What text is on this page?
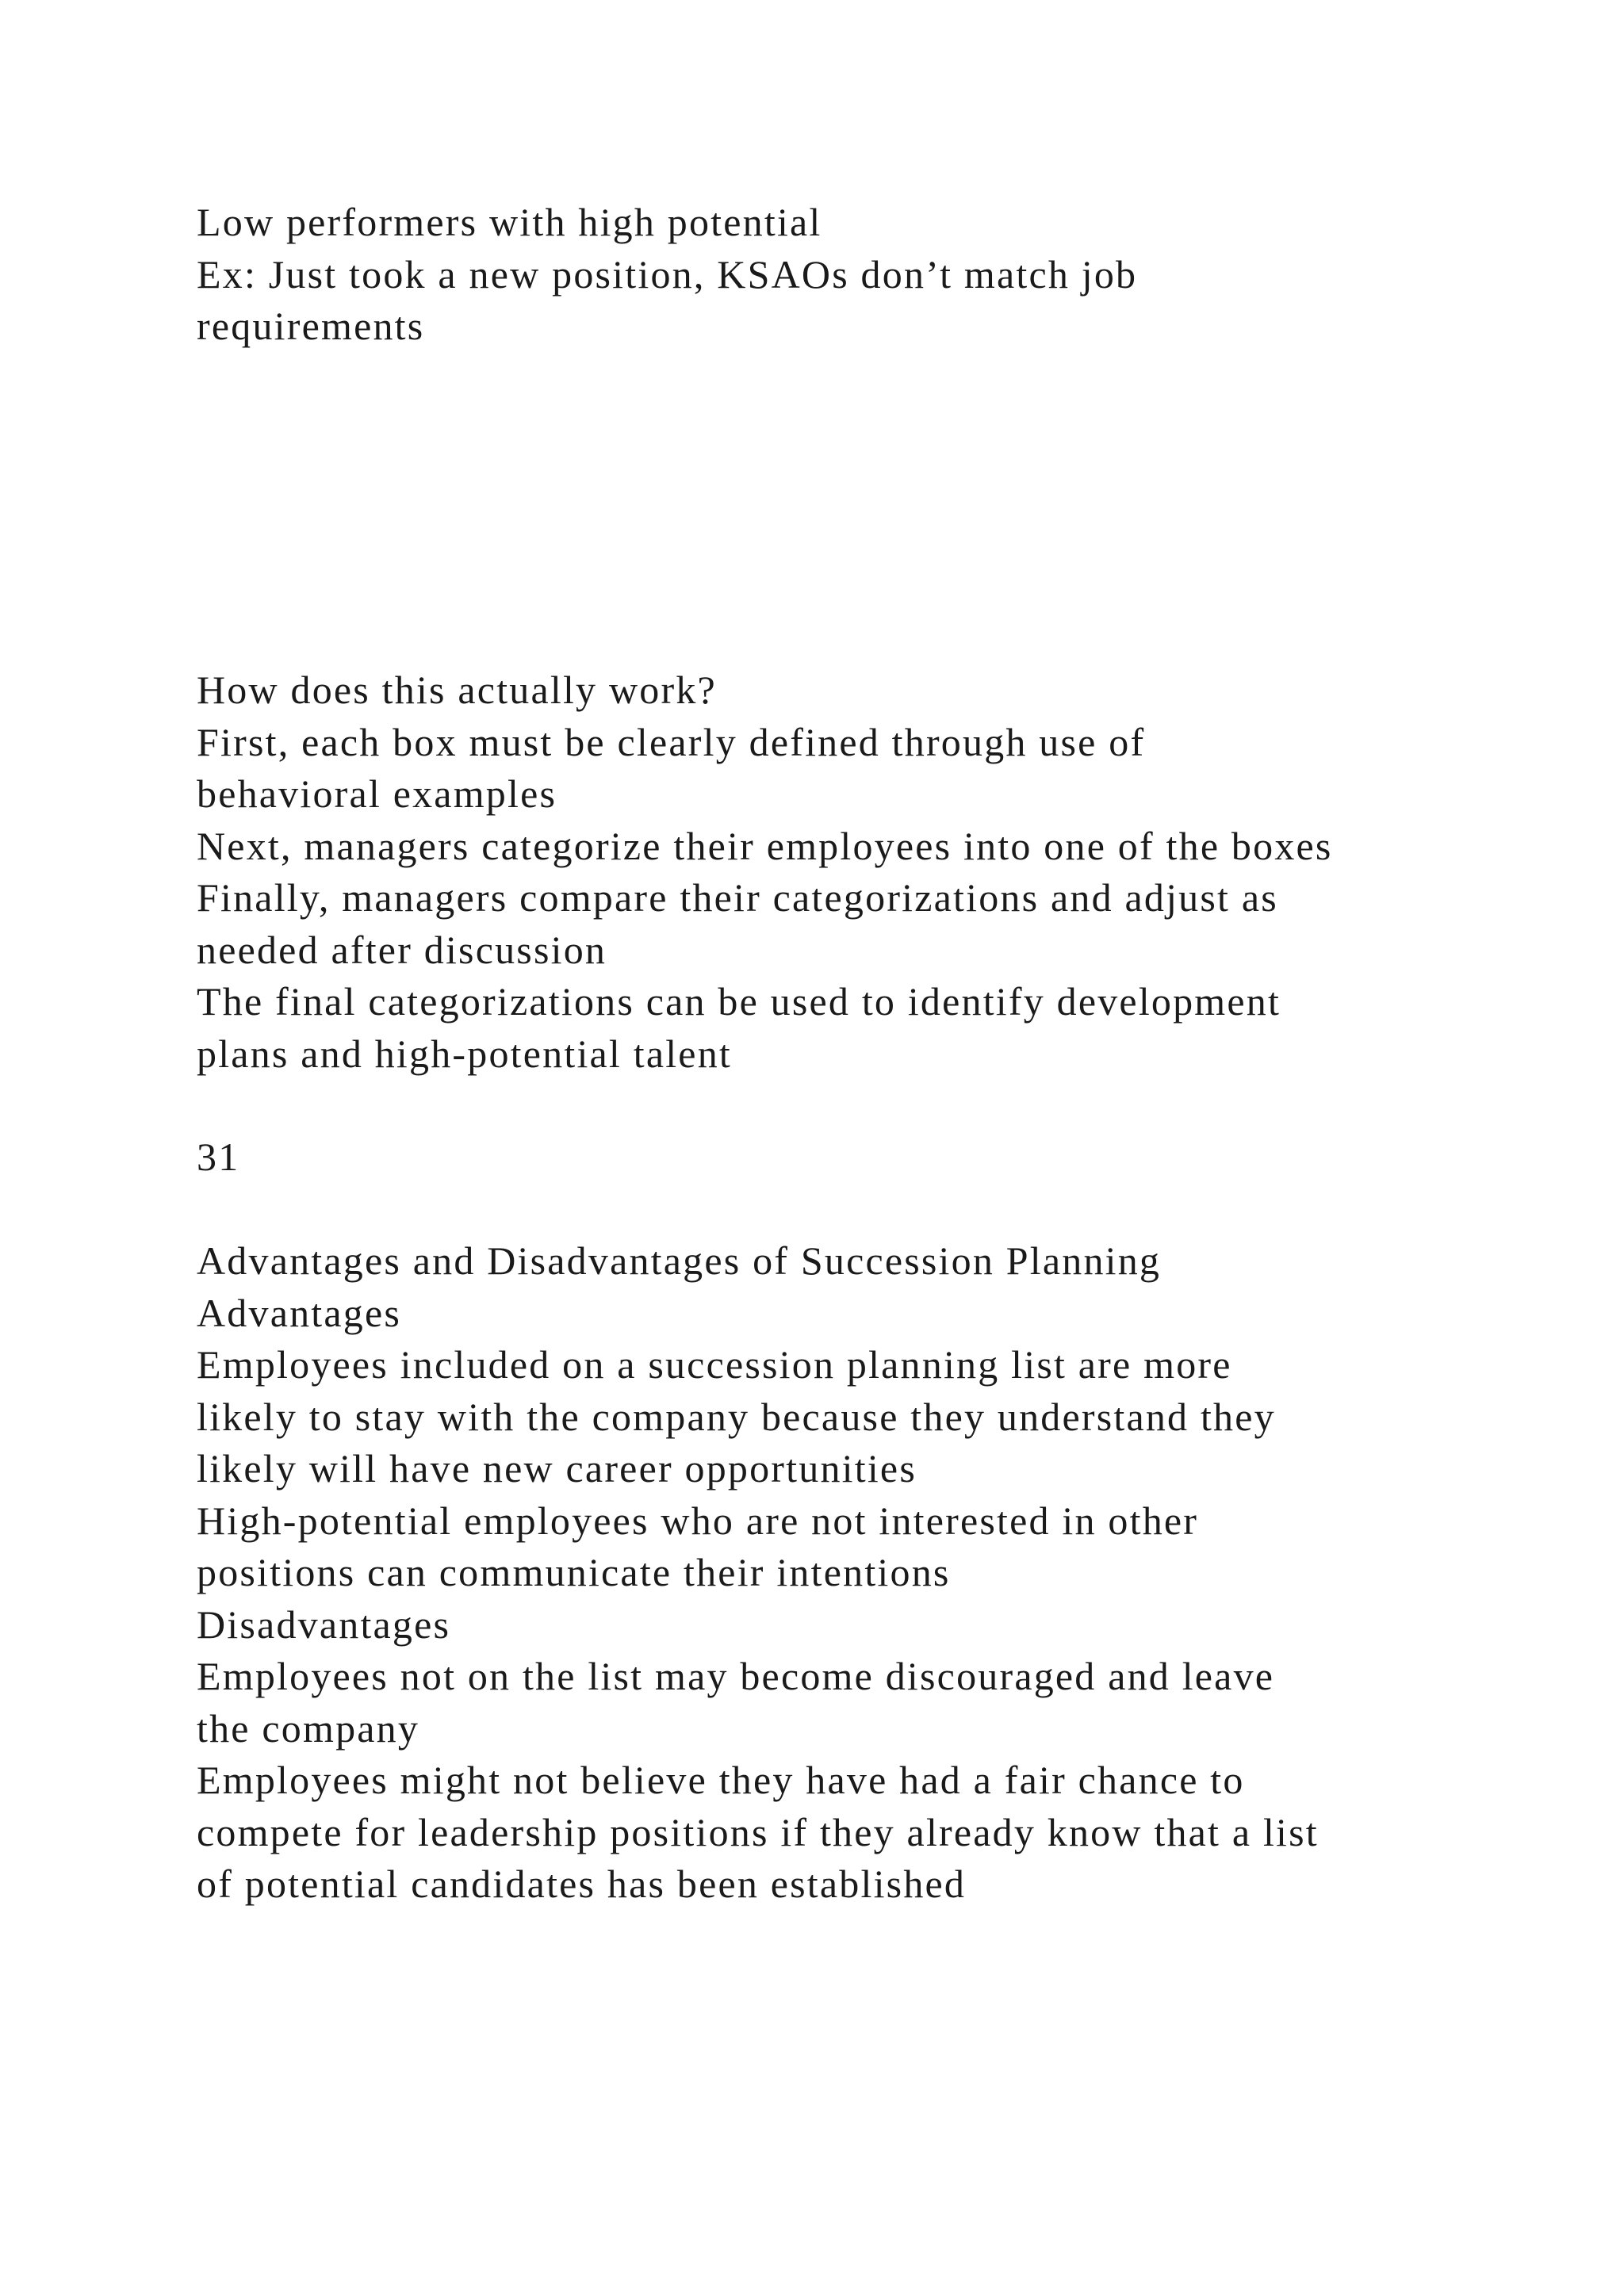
Low performers with high potential
Ex: Just took a new position, KSAOs don’t match job
requirements
How does this actually work?
First, each box must be clearly defined through use of
behavioral examples
Next, managers categorize their employees into one of the boxes
Finally, managers compare their categorizations and adjust as
needed after discussion
The final categorizations can be used to identify development
plans and high-potential talent
31
Advantages and Disadvantages of Succession Planning
Advantages
Employees included on a succession planning list are more
likely to stay with the company because they understand they
likely will have new career opportunities
High-potential employees who are not interested in other
positions can communicate their intentions
Disadvantages
Employees not on the list may become discouraged and leave
the company
Employees might not believe they have had a fair chance to
compete for leadership positions if they already know that a list
of potential candidates has been established
